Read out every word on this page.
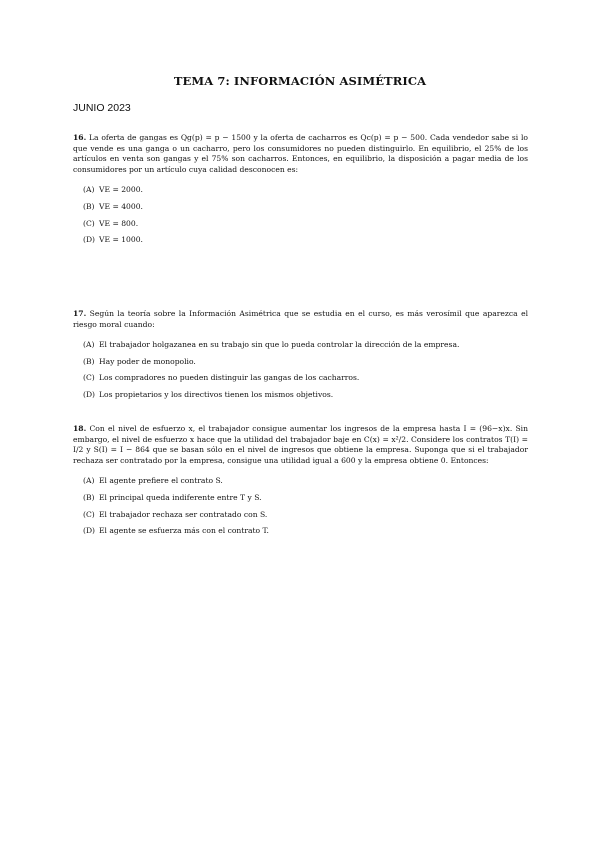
TEMA 7: INFORMACIÓN ASIMÉTRICA
JUNIO 2023

16. La oferta de gangas es Qg(p) = p − 1500 y la oferta de cacharros es Qc(p) = p − 500. Cada vendedor sabe si lo que vende es una ganga o un cacharro, pero los consumidores no pueden distinguirlo. En equilibrio, el 25% de los artículos en venta son gangas y el 75% son cacharros. Entonces, en equilibrio, la disposición a pagar media de los consumidores por un artículo cuya calidad desconocen es:

(A) VE = 2000.
(B) VE = 4000.
(C) VE = 800.
(D) VE = 1000.

17. Según la teoría sobre la Información Asimétrica que se estudia en el curso, es más verosímil que aparezca el riesgo moral cuando:

(A) El trabajador holgazanea en su trabajo sin que lo pueda controlar la dirección de la empresa.
(B) Hay poder de monopolio.
(C) Los compradores no pueden distinguir las gangas de los cacharros.
(D) Los propietarios y los directivos tienen los mismos objetivos.

18. Con el nivel de esfuerzo x, el trabajador consigue aumentar los ingresos de la empresa hasta I = (96−x)x. Sin embargo, el nivel de esfuerzo x hace que la utilidad del trabajador baje en C(x) = x²/2. Considere los contratos T(I) = I/2 y S(I) = I − 864 que se basan sólo en el nivel de ingresos que obtiene la empresa. Suponga que si el trabajador rechaza ser contratado por la empresa, consigue una utilidad igual a 600 y la empresa obtiene 0. Entonces:

(A) El agente prefiere el contrato S.
(B) El principal queda indiferente entre T y S.
(C) El trabajador rechaza ser contratado con S.
(D) El agente se esfuerza más con el contrato T.
